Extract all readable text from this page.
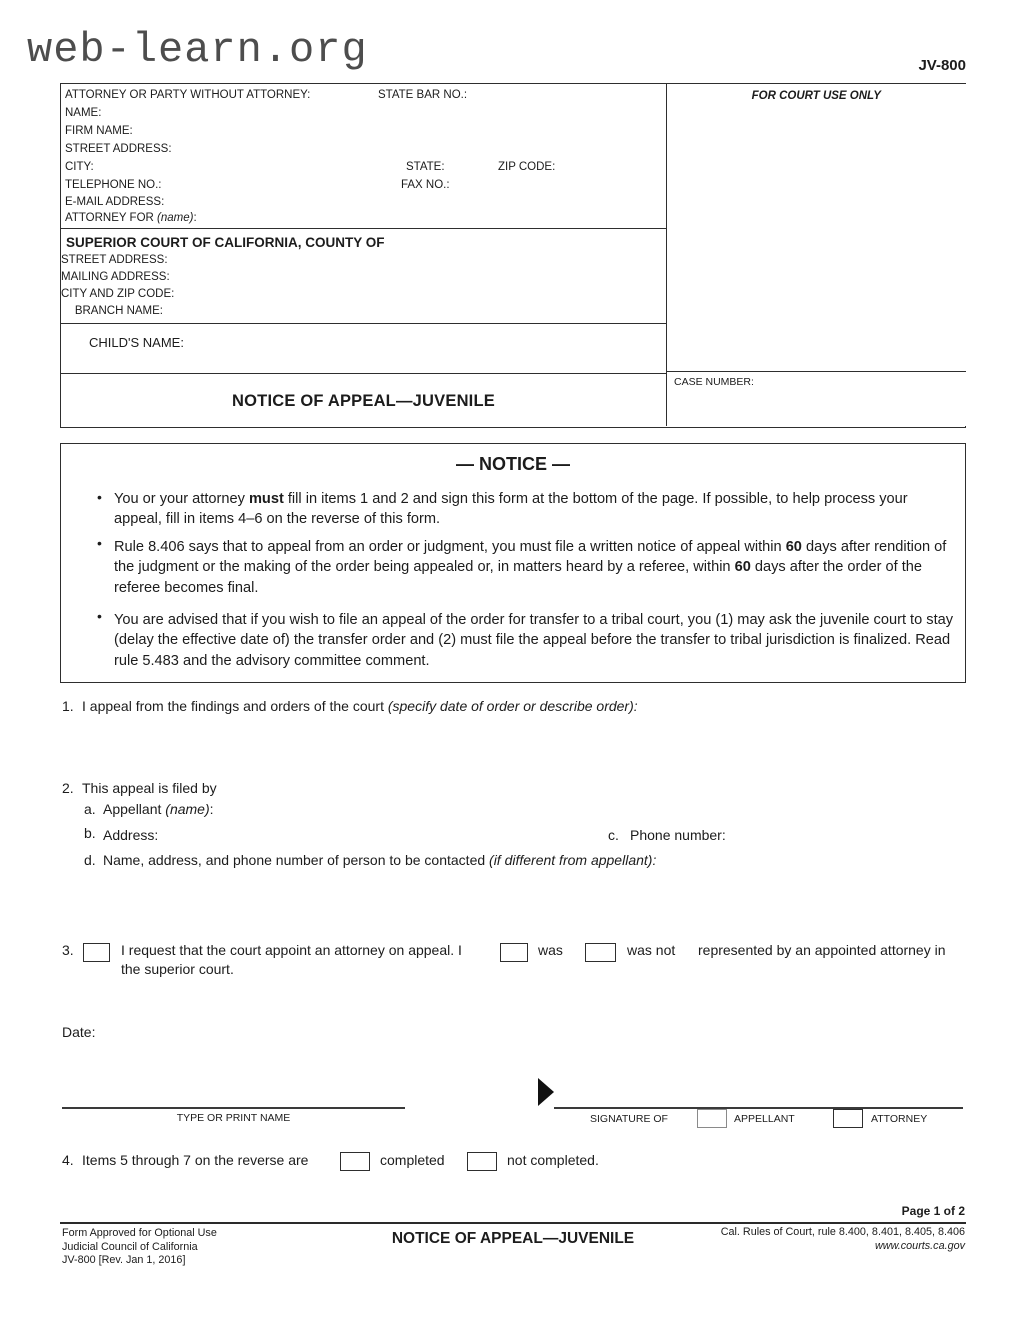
web-learn.org	JV-800
ATTORNEY OR PARTY WITHOUT ATTORNEY:	STATE BAR NO.:
NAME:
FIRM NAME:
STREET ADDRESS:
CITY:	STATE:	ZIP CODE:
TELEPHONE NO.:	FAX NO.:
E-MAIL ADDRESS:
ATTORNEY FOR (name):
SUPERIOR COURT OF CALIFORNIA, COUNTY OF
STREET ADDRESS:
MAILING ADDRESS:
CITY AND ZIP CODE:
BRANCH NAME:
CHILD'S NAME:
NOTICE OF APPEAL—JUVENILE
FOR COURT USE ONLY
CASE NUMBER:
— NOTICE —
• You or your attorney must fill in items 1 and 2 and sign this form at the bottom of the page. If possible, to help process your appeal, fill in items 4–6 on the reverse of this form.
• Rule 8.406 says that to appeal from an order or judgment, you must file a written notice of appeal within 60 days after rendition of the judgment or the making of the order being appealed or, in matters heard by a referee, within 60 days after the order of the referee becomes final.
• You are advised that if you wish to file an appeal of the order for transfer to a tribal court, you (1) may ask the juvenile court to stay (delay the effective date of) the transfer order and (2) must file the appeal before the transfer to tribal jurisdiction is finalized. Read rule 5.483 and the advisory committee comment.
1. I appeal from the findings and orders of the court (specify date of order or describe order):
2. This appeal is filed by
a. Appellant (name):
b. Address:	c. Phone number:
d. Name, address, and phone number of person to be contacted (if different from appellant):
3.	I request that the court appoint an attorney on appeal. I	was	was not represented by an appointed attorney in
the superior court.
Date:
TYPE OR PRINT NAME	SIGNATURE OF	APPELLANT	ATTORNEY
4. Items 5 through 7 on the reverse are	completed	not completed.
Page 1 of 2
Form Approved for Optional Use
Judicial Council of California
JV-800 [Rev. Jan 1, 2016]
NOTICE OF APPEAL—JUVENILE	Cal. Rules of Court, rule 8.400, 8.401, 8.405, 8.406
www.courts.ca.gov
